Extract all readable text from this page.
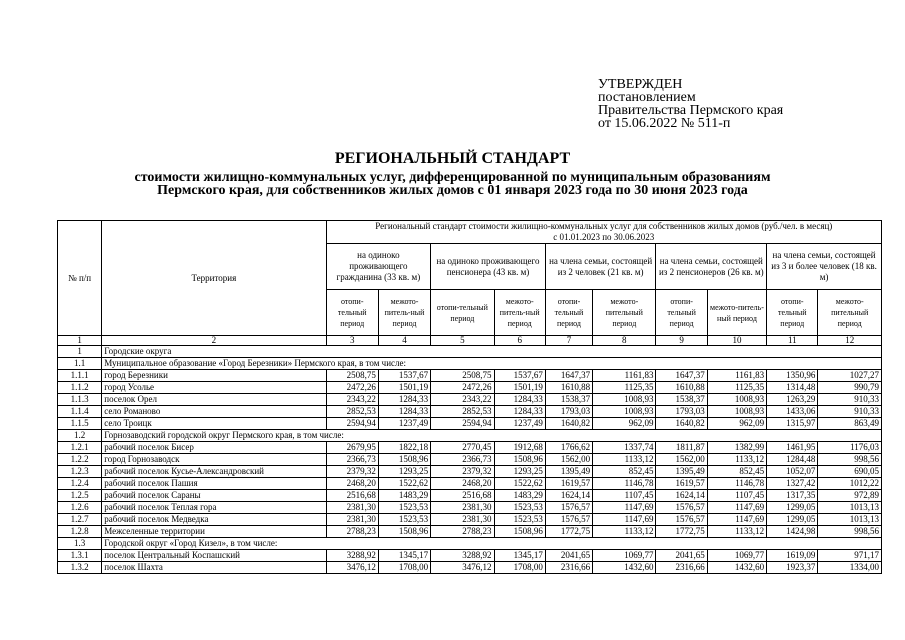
УТВЕРЖДЕН
постановлением
Правительства Пермского края
от 15.06.2022 № 511-п
РЕГИОНАЛЬНЫЙ СТАНДАРТ
стоимости жилищно-коммунальных услуг, дифференцированной по муниципальным образованиям
Пермского края, для собственников жилых домов с 01 января 2023 года по 30 июня 2023 года
№ п/п	Территория	Региональный стандарт стоимости жилищно-коммунальных услуг для собственников жилых домов (руб./чел. в месяц)
с 01.01.2023 по 30.06.2023									

		на одиноко проживающего гражданина (33 кв. м)		на одиноко проживающего пенсионера (43 кв. м)		на члена семьи, состоящей из 2 человек (21 кв. м)		на члена семьи, состоящей из 2 пенсионеров (26 кв. м)		на члена семьи, состоящей из 3 и более человек (18 кв. м)	
		отопи-тельный период	межото-питель-ный период	отопи-тельный период	межото-питель-ный период	отопи-тельный период	межото-пительный период	отопи-тельный период	межото-питель-ный период	отопи-тельный период	межото-пительный период
1	2	3	4	5	6	7	8	9	10	11	12
1	Городские округа										
1.1	Муниципальное образование «Город Березники» Пермского края, в том числе:										
1.1.1	город Березники	2508,75	1537,67	2508,75	1537,67	1647,37	1161,83	1647,37	1161,83	1350,96	1027,27
1.1.2	город Усолье	2472,26	1501,19	2472,26	1501,19	1610,88	1125,35	1610,88	1125,35	1314,48	990,79
1.1.3	поселок Орел	2343,22	1284,33	2343,22	1284,33	1538,37	1008,93	1538,37	1008,93	1263,29	910,33
1.1.4	село Романово	2852,53	1284,33	2852,53	1284,33	1793,03	1008,93	1793,03	1008,93	1433,06	910,33
1.1.5	село Троицк	2594,94	1237,49	2594,94	1237,49	1640,82	962,09	1640,82	962,09	1315,97	863,49
1.2	Горнозаводский городской округ Пермского края, в том числе:										
1.2.1	рабочий поселок Бисер	2679,95	1822,18	2770,45	1912,68	1766,62	1337,74	1811,87	1382,99	1461,95	1176,03
1.2.2	город Горнозаводск	2366,73	1508,96	2366,73	1508,96	1562,00	1133,12	1562,00	1133,12	1284,48	998,56
1.2.3	рабочий поселок Кусье-Александровский	2379,32	1293,25	2379,32	1293,25	1395,49	852,45	1395,49	852,45	1052,07	690,05
1.2.4	рабочий поселок Пашия	2468,20	1522,62	2468,20	1522,62	1619,57	1146,78	1619,57	1146,78	1327,42	1012,22
1.2.5	рабочий поселок Сараны	2516,68	1483,29	2516,68	1483,29	1624,14	1107,45	1624,14	1107,45	1317,35	972,89
1.2.6	рабочий поселок Теплая гора	2381,30	1523,53	2381,30	1523,53	1576,57	1147,69	1576,57	1147,69	1299,05	1013,13
1.2.7	рабочий поселок Медведка	2381,30	1523,53	2381,30	1523,53	1576,57	1147,69	1576,57	1147,69	1299,05	1013,13
1.2.8	Межселенные территории	2788,23	1508,96	2788,23	1508,96	1772,75	1133,12	1772,75	1133,12	1424,98	998,56
1.3	Городской округ «Город Кизел», в том числе:										
1.3.1	поселок Центральный Коспашский	3288,92	1345,17	3288,92	1345,17	2041,65	1069,77	2041,65	1069,77	1619,09	971,17
1.3.2	поселок Шахта	3476,12	1708,00	3476,12	1708,00	2316,66	1432,60	2316,66	1432,60	1923,37	1334,00
